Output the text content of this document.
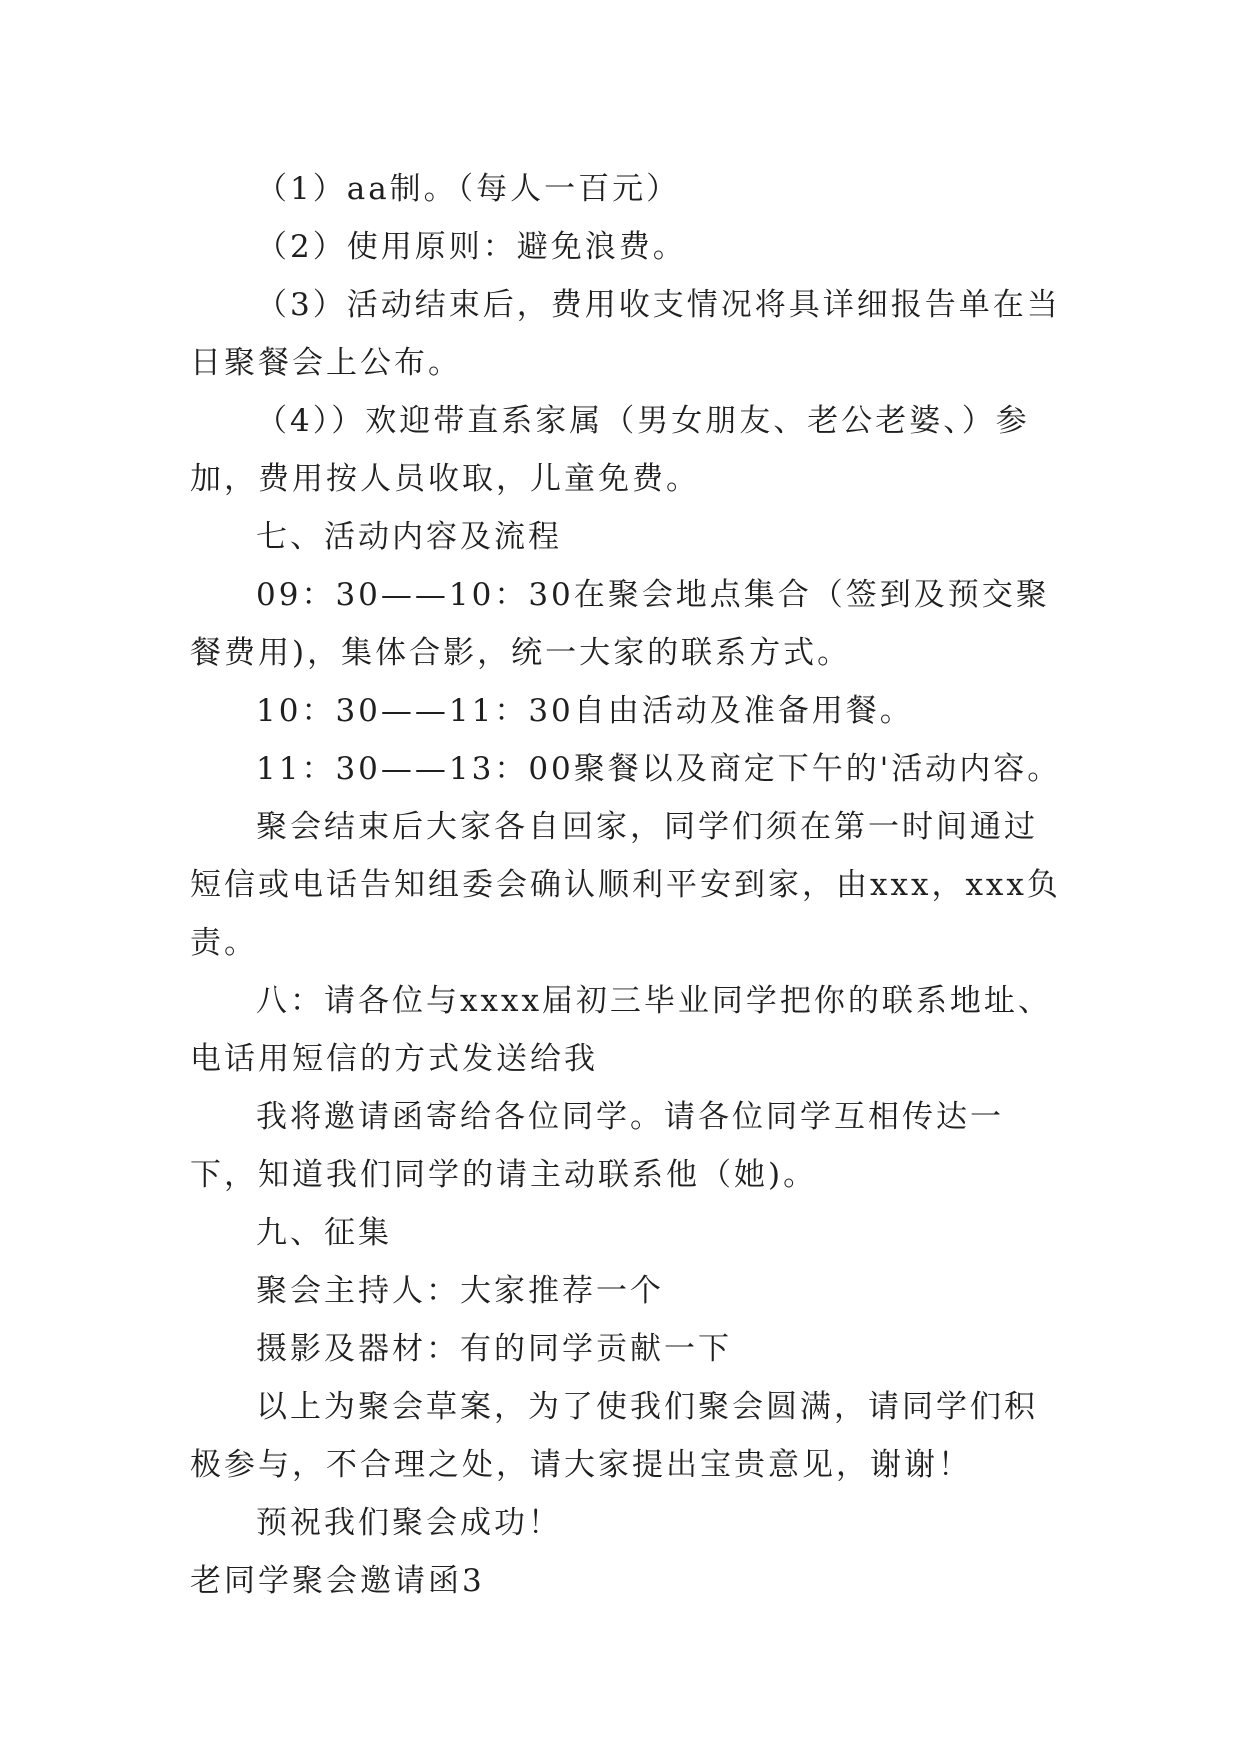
（1）aa制。（每人一百元）

（2）使用原则：避免浪费。

（3）活动结束后，费用收支情况将具详细报告单在当日聚餐会上公布。

（4））欢迎带直系家属（男女朋友、老公老婆、）参加，费用按人员收取，儿童免费。

七、活动内容及流程

09：30——10：30在聚会地点集合（签到及预交聚餐费用)，集体合影，统一大家的联系方式。

10：30——11：30自由活动及准备用餐。

11：30——13：00聚餐以及商定下午的'活动内容。

聚会结束后大家各自回家，同学们须在第一时间通过短信或电话告知组委会确认顺利平安到家，由xxx，xxx负责。

八：请各位与xxxx届初三毕业同学把你的联系地址、电话用短信的方式发送给我

我将邀请函寄给各位同学。请各位同学互相传达一下，知道我们同学的请主动联系他（她)。

九、征集

聚会主持人：大家推荐一个

摄影及器材：有的同学贡献一下

以上为聚会草案，为了使我们聚会圆满，请同学们积极参与，不合理之处，请大家提出宝贵意见，谢谢！

预祝我们聚会成功！

老同学聚会邀请函3
